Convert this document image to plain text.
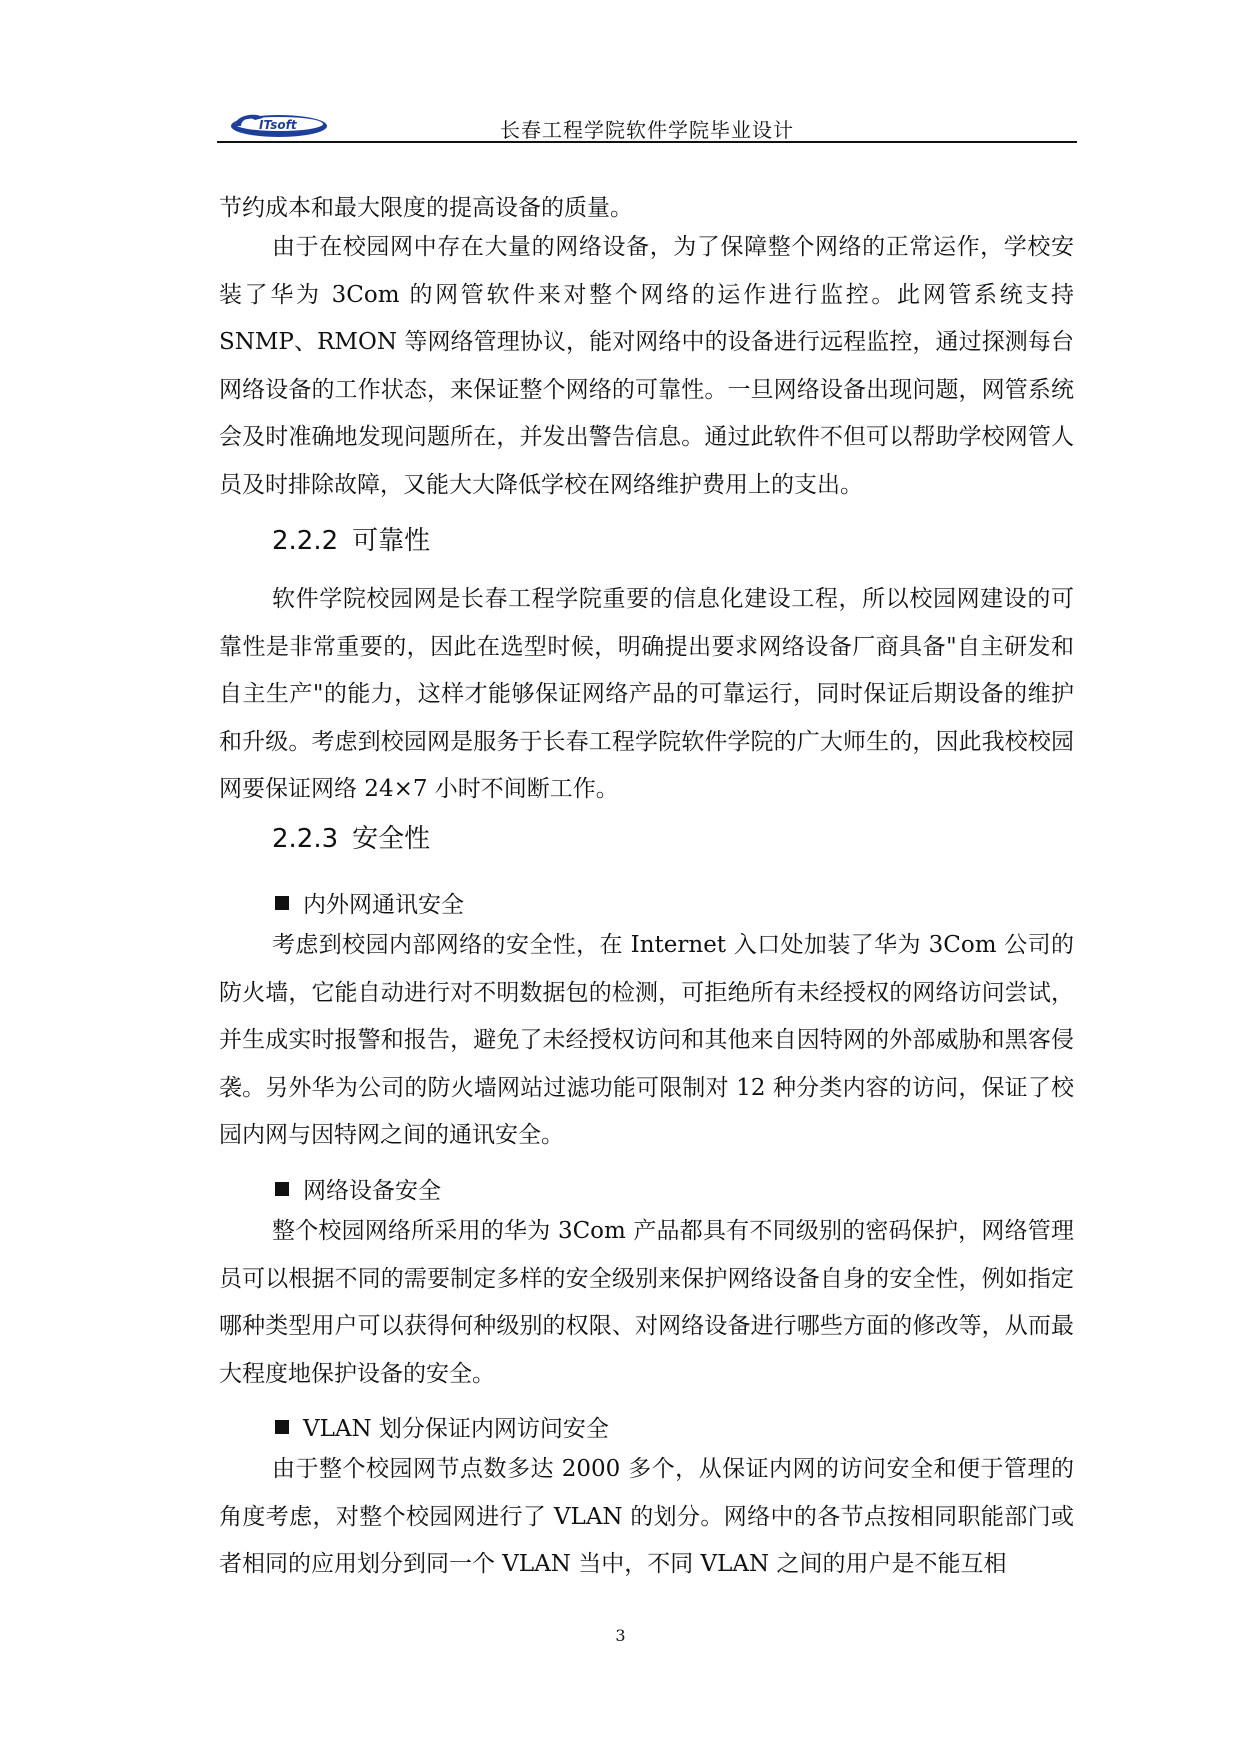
ITsoft	长春工程学院软件学院毕业设计
节约成本和最大限度的提高设备的质量。
由于在校园网中存在大量的网络设备，为了保障整个网络的正常运作，学校安装了华为 3Com 的网管软件来对整个网络的运作进行监控。此网管系统支持 SNMP、RMON 等网络管理协议，能对网络中的设备进行远程监控，通过探测每台网络设备的工作状态，来保证整个网络的可靠性。一旦网络设备出现问题，网管系统会及时准确地发现问题所在，并发出警告信息。通过此软件不但可以帮助学校网管人员及时排除故障，又能大大降低学校在网络维护费用上的支出。
2.2.2 可靠性
软件学院校园网是长春工程学院重要的信息化建设工程，所以校园网建设的可靠性是非常重要的，因此在选型时候，明确提出要求网络设备厂商具备"自主研发和自主生产"的能力，这样才能够保证网络产品的可靠运行，同时保证后期设备的维护和升级。考虑到校园网是服务于长春工程学院软件学院的广大师生的，因此我校校园网要保证网络 24×7 小时不间断工作。
2.2.3 安全性
内外网通讯安全
考虑到校园内部网络的安全性，在 Internet 入口处加装了华为 3Com 公司的防火墙，它能自动进行对不明数据包的检测，可拒绝所有未经授权的网络访问尝试，并生成实时报警和报告，避免了未经授权访问和其他来自因特网的外部威胁和黑客侵袭。另外华为公司的防火墙网站过滤功能可限制对 12 种分类内容的访问，保证了校园内网与因特网之间的通讯安全。
网络设备安全
整个校园网络所采用的华为 3Com 产品都具有不同级别的密码保护，网络管理员可以根据不同的需要制定多样的安全级别来保护网络设备自身的安全性，例如指定哪种类型用户可以获得何种级别的权限、对网络设备进行哪些方面的修改等，从而最大程度地保护设备的安全。
VLAN 划分保证内网访问安全
由于整个校园网节点数多达 2000 多个，从保证内网的访问安全和便于管理的角度考虑，对整个校园网进行了 VLAN 的划分。网络中的各节点按相同职能部门或者相同的应用划分到同一个 VLAN 当中，不同 VLAN 之间的用户是不能互相
3
